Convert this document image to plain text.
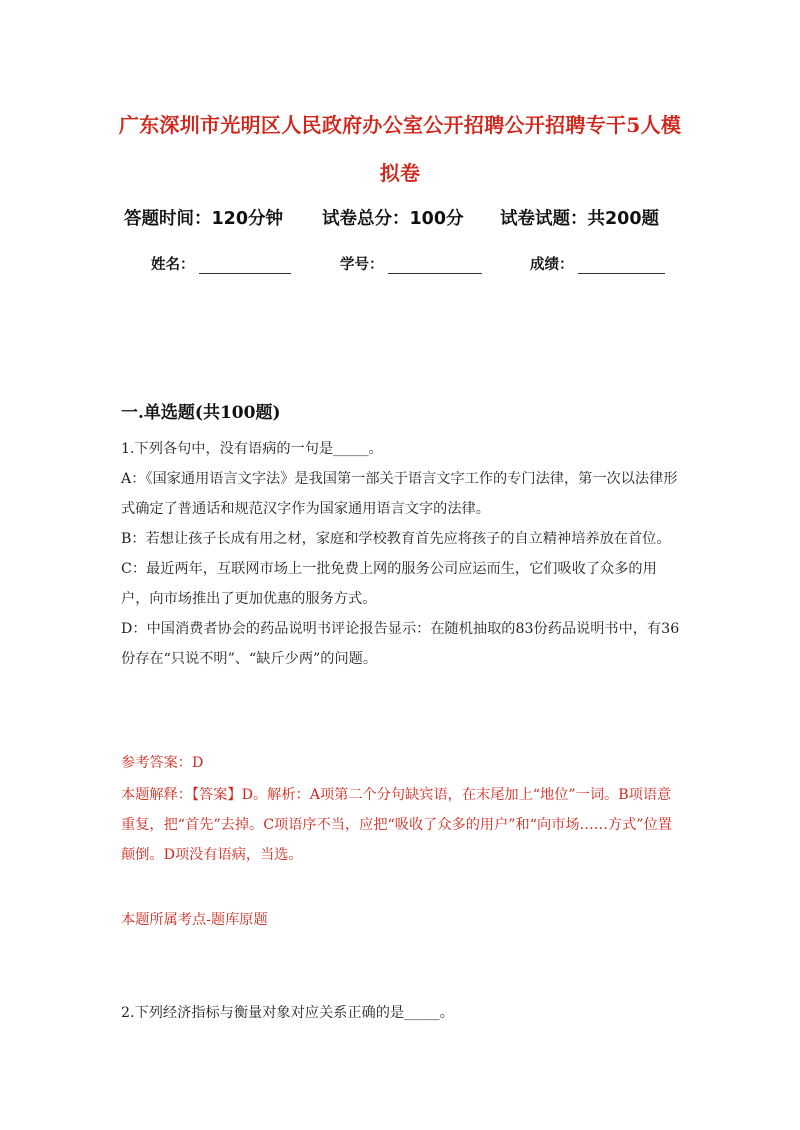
广东深圳市光明区人民政府办公室公开招聘公开招聘专干5人模拟卷
答题时间：120分钟 试卷总分：100分 试卷试题：共200题
姓名：	学号：	成绩：
一.单选题(共100题)

1.下列各句中，没有语病的一句是_____。

A：《国家通用语言文字法》是我国第一部关于语言文字工作的专门法律，第一次以法律形式确定了普通话和规范汉字作为国家通用语言文字的法律。

B：若想让孩子长成有用之材，家庭和学校教育首先应将孩子的自立精神培养放在首位。

C：最近两年，互联网市场上一批免费上网的服务公司应运而生，它们吸收了众多的用户，向市场推出了更加优惠的服务方式。

D：中国消费者协会的药品说明书评论报告显示：在随机抽取的83份药品说明书中，有36份存在“只说不明”、“缺斤少两”的问题。

参考答案：D
本题解释：【答案】D。解析：A项第二个分句缺宾语，在末尾加上“地位”一词。B项语意重复，把“首先”去掉。C项语序不当，应把“吸收了众多的用户”和“向市场……方式”位置颠倒。D项没有语病，当选。
本题所属考点-题库原题

2.下列经济指标与衡量对象对应关系正确的是_____。
